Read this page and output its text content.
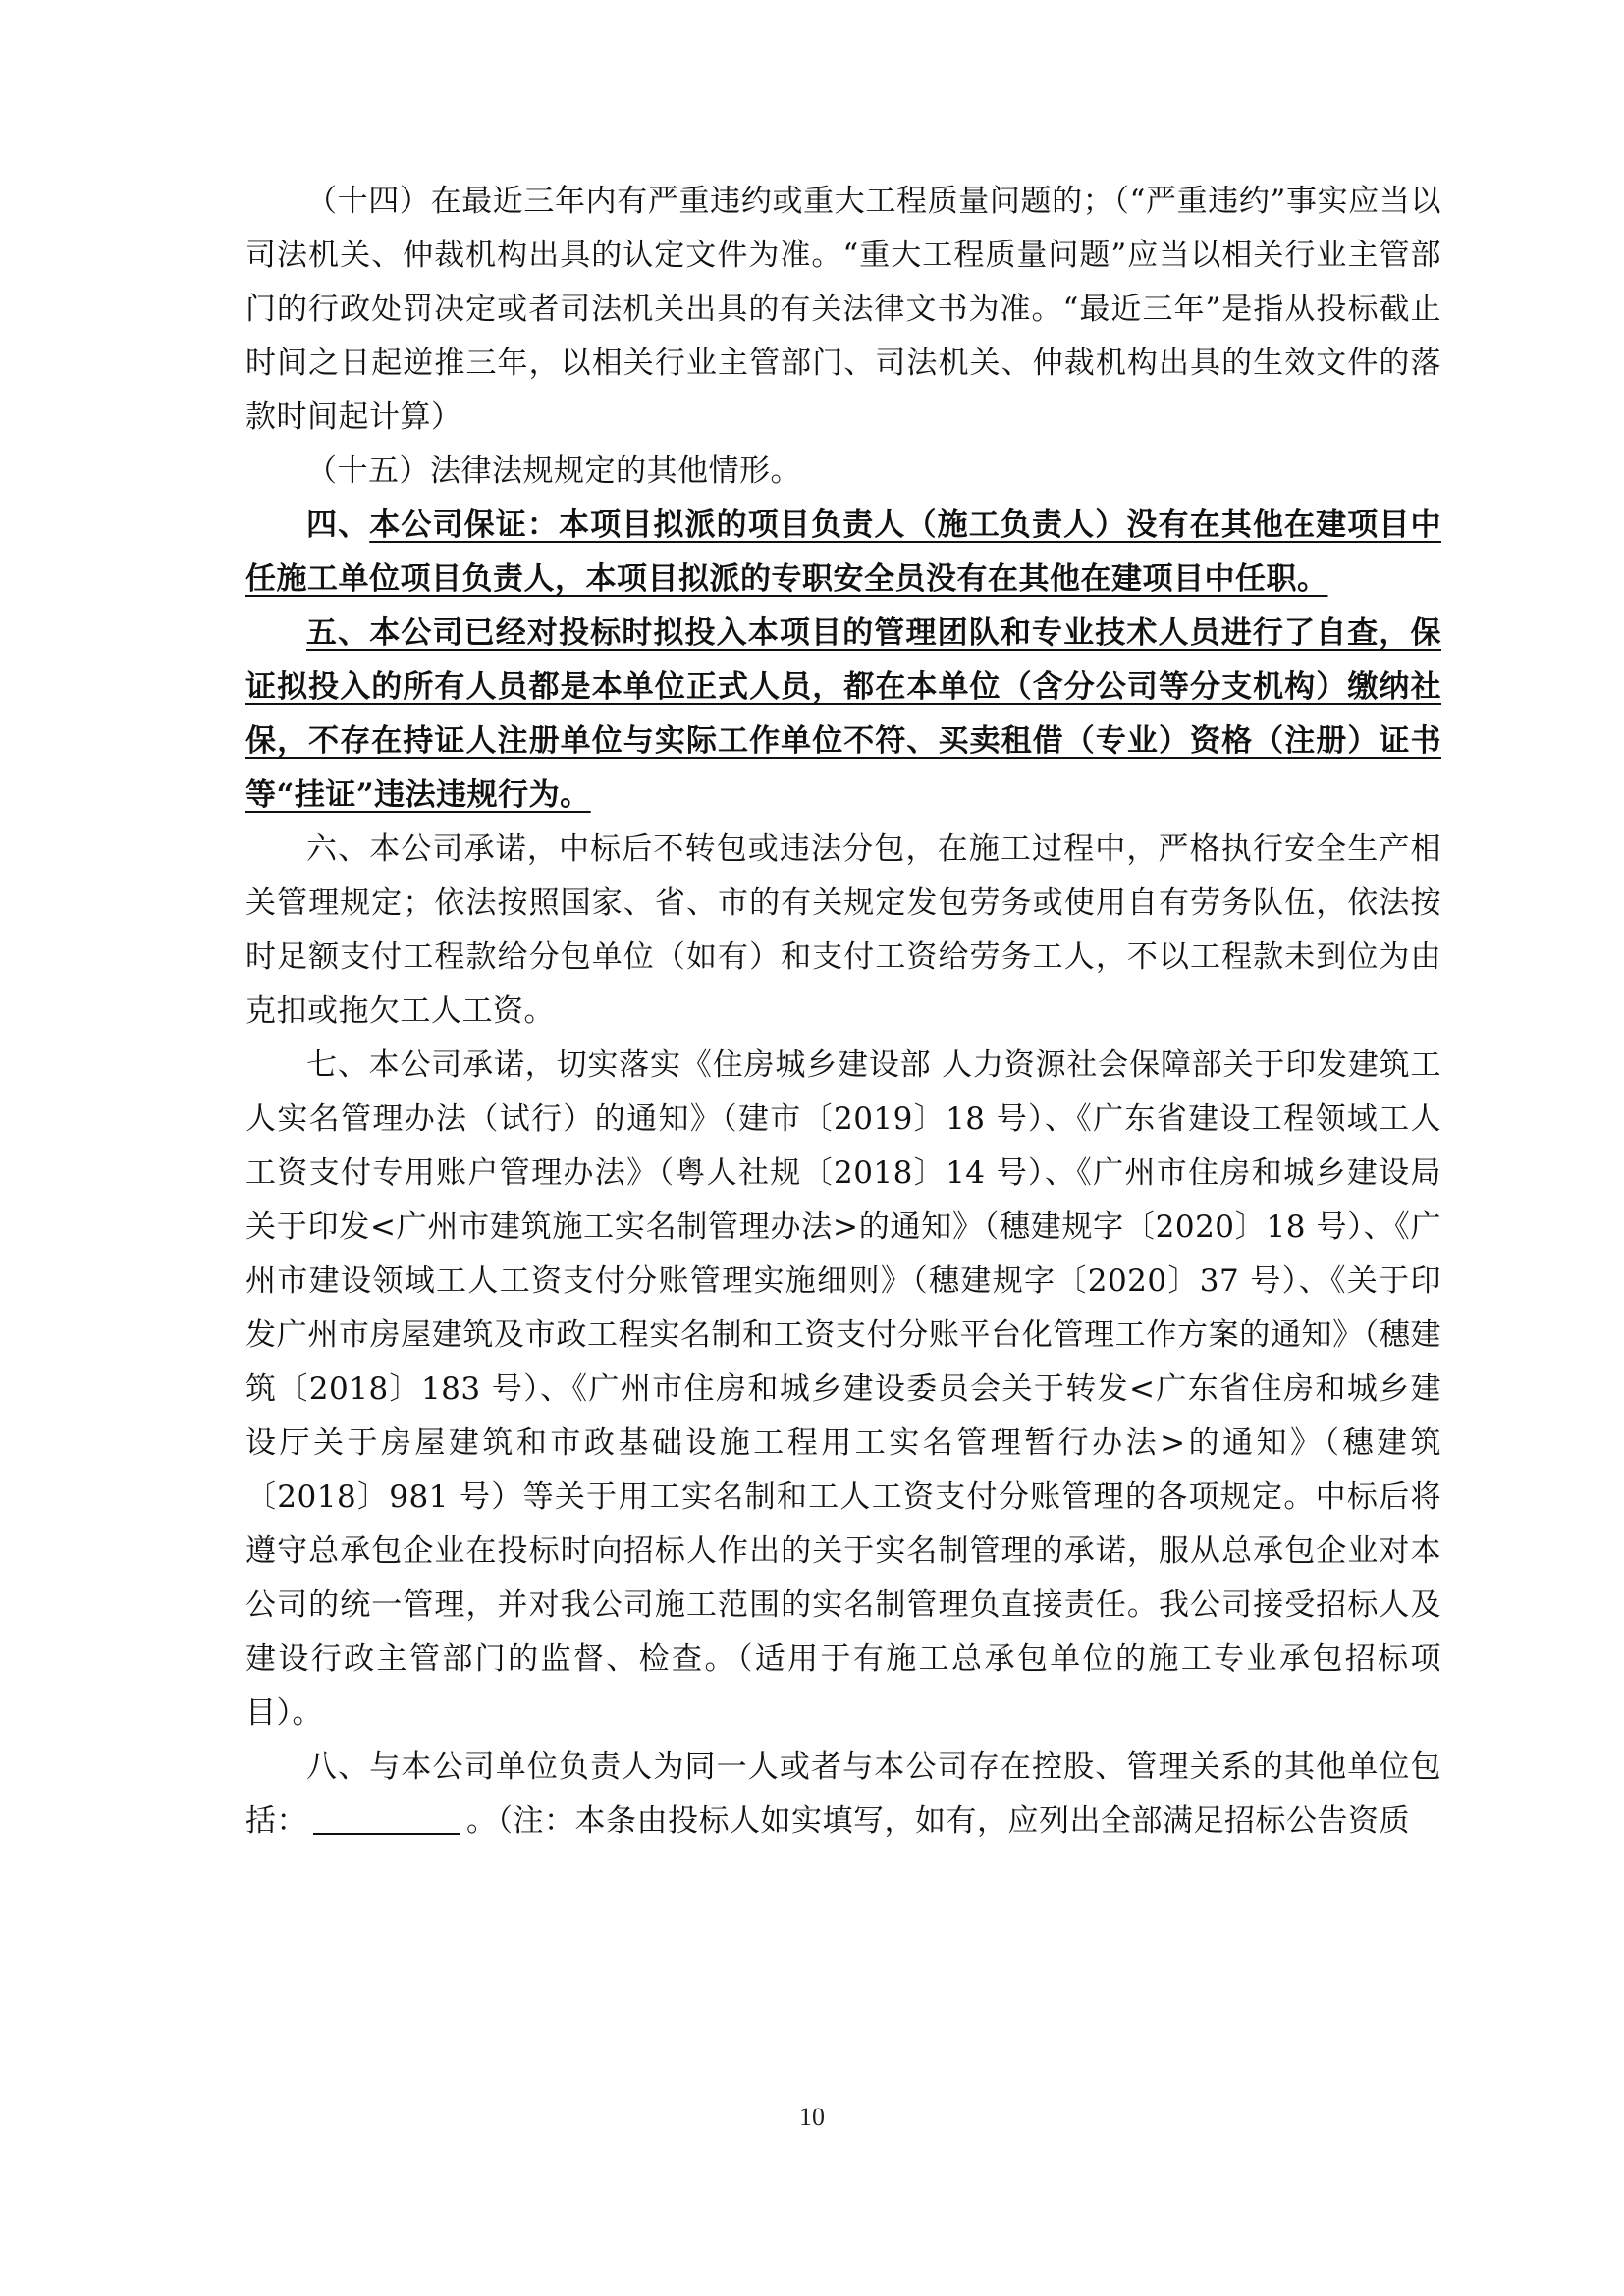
（十四）在最近三年内有严重违约或重大工程质量问题的；（“严重违约”事实应当以司法机关、仲裁机构出具的认定文件为准。“重大工程质量问题”应当以相关行业主管部门的行政处罚决定或者司法机关出具的有关法律文书为准。“最近三年”是指从投标截止时间之日起逆推三年，以相关行业主管部门、司法机关、仲裁机构出具的生效文件的落款时间起计算）

（十五）法律法规规定的其他情形。

四、本公司保证：本项目拟派的项目负责人（施工负责人）没有在其他在建项目中任施工单位项目负责人，本项目拟派的专职安全员没有在其他在建项目中任职。

五、本公司已经对投标时拟投入本项目的管理团队和专业技术人员进行了自查，保证拟投入的所有人员都是本单位正式人员，都在本单位（含分公司等分支机构）缴纳社保，不存在持证人注册单位与实际工作单位不符、买卖租借（专业）资格（注册）证书等“挂证”违法违规行为。

六、本公司承诺，中标后不转包或违法分包，在施工过程中，严格执行安全生产相关管理规定；依法按照国家、省、市的有关规定发包劳务或使用自有劳务队伍，依法按时足额支付工程款给分包单位（如有）和支付工资给劳务工人，不以工程款未到位为由克扣或拖欠工人工资。

七、本公司承诺，切实落实《住房城乡建设部 人力资源社会保障部关于印发建筑工人实名管理办法（试行）的通知》（建市〔2019〕18 号）、《广东省建设工程领域工人工资支付专用账户管理办法》（粤人社规〔2018〕14 号）、《广州市住房和城乡建设局关于印发<广州市建筑施工实名制管理办法>的通知》（穗建规字〔2020〕18 号）、《广州市建设领域工人工资支付分账管理实施细则》（穗建规字〔2020〕37 号）、《关于印发广州市房屋建筑及市政工程实名制和工资支付分账平台化管理工作方案的通知》（穗建筑〔2018〕183 号）、《广州市住房和城乡建设委员会关于转发<广东省住房和城乡建设厅关于房屋建筑和市政基础设施工程用工实名管理暂行办法>的通知》（穗建筑〔2018〕981 号）等关于用工实名制和工人工资支付分账管理的各项规定。中标后将遵守总承包企业在投标时向招标人作出的关于实名制管理的承诺，服从总承包企业对本公司的统一管理，并对我公司施工范围的实名制管理负直接责任。我公司接受招标人及建设行政主管部门的监督、检查。（适用于有施工总承包单位的施工专业承包招标项目）。

八、与本公司单位负责人为同一人或者与本公司存在控股、管理关系的其他单位包括：	。（注：本条由投标人如实填写，如有，应列出全部满足招标公告资质

10
